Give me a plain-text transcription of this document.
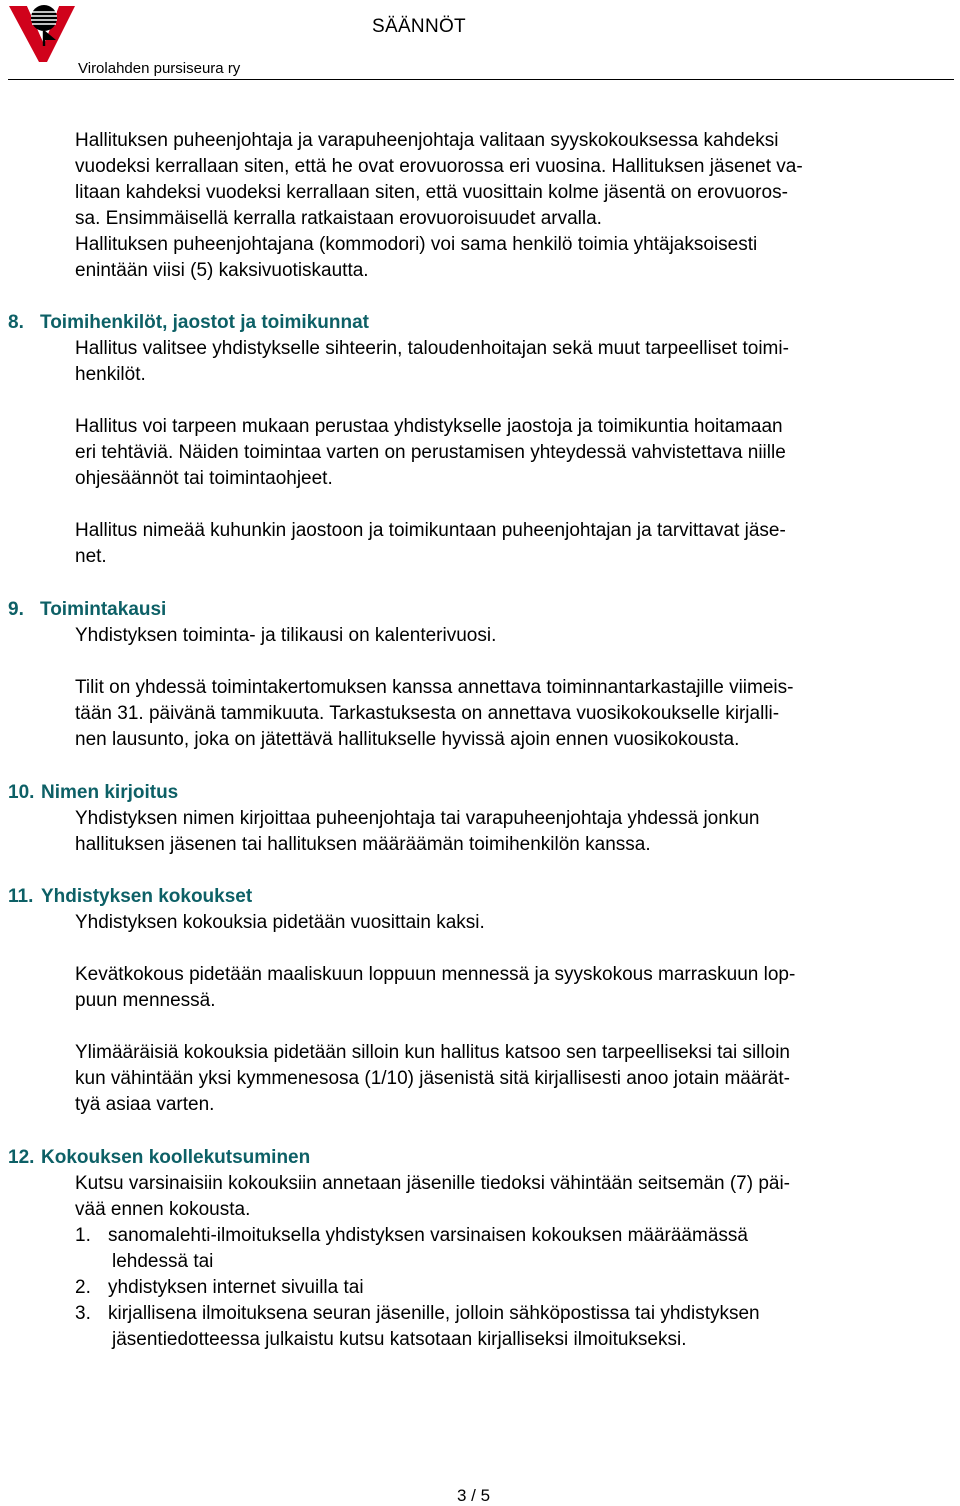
SÄÄNNÖT
Virolahden pursiseura ry

Hallituksen puheenjohtaja ja varapuheenjohtaja valitaan syyskokouksessa kahdeksi
vuodeksi kerrallaan siten, että he ovat erovuorossa eri vuosina. Hallituksen jäsenet va-
litaan kahdeksi vuodeksi kerrallaan siten, että vuosittain kolme jäsentä on erovuoros-
sa. Ensimmäisellä kerralla ratkaistaan erovuoroisuudet arvalla.
Hallituksen puheenjohtajana (kommodori) voi sama henkilö toimia yhtäjaksoisesti
enintään viisi (5) kaksivuotiskautta.

8. Toimihenkilöt, jaostot ja toimikunnat

Hallitus valitsee yhdistykselle sihteerin, taloudenhoitajan sekä muut tarpeelliset toimi-
henkilöt.

Hallitus voi tarpeen mukaan perustaa yhdistykselle jaostoja ja toimikuntia hoitamaan
eri tehtäviä. Näiden toimintaa varten on perustamisen yhteydessä vahvistettava niille
ohjesäännöt tai toimintaohjeet.

Hallitus nimeää kuhunkin jaostoon ja toimikuntaan puheenjohtajan ja tarvittavat jäse-
net.

9. Toimintakausi

Yhdistyksen toiminta- ja tilikausi on kalenterivuosi.

Tilit on yhdessä toimintakertomuksen kanssa annettava toiminnantarkastajille viimeis-
tään 31. päivänä tammikuuta. Tarkastuksesta on annettava vuosikokoukselle kirjalli-
nen lausunto, joka on jätettävä hallitukselle hyvissä ajoin ennen vuosikokousta.

10. Nimen kirjoitus

Yhdistyksen nimen kirjoittaa puheenjohtaja tai varapuheenjohtaja yhdessä jonkun
hallituksen jäsenen tai hallituksen määräämän toimihenkilön kanssa.

11. Yhdistyksen kokoukset

Yhdistyksen kokouksia pidetään vuosittain kaksi.

Kevätkokous pidetään maaliskuun loppuun mennessä ja syyskokous marraskuun lop-
puun mennessä.

Ylimääräisiä kokouksia pidetään silloin kun hallitus katsoo sen tarpeelliseksi tai silloin
kun vähintään yksi kymmenesosa (1/10) jäsenistä sitä kirjallisesti anoo jotain määrät-
tyä asiaa varten.

12. Kokouksen koollekutsuminen

Kutsu varsinaisiin kokouksiin annetaan jäsenille tiedoksi vähintään seitsemän (7) päi-
vää ennen kokousta.

1. sanomalehti-ilmoituksella yhdistyksen varsinaisen kokouksen määräämässä
lehdessä tai
2. yhdistyksen internet sivuilla tai
3. kirjallisena ilmoituksena seuran jäsenille, jolloin sähköpostissa tai yhdistyksen
jäsentiedotteessa julkaistu kutsu katsotaan kirjalliseksi ilmoitukseksi.
3 / 5
